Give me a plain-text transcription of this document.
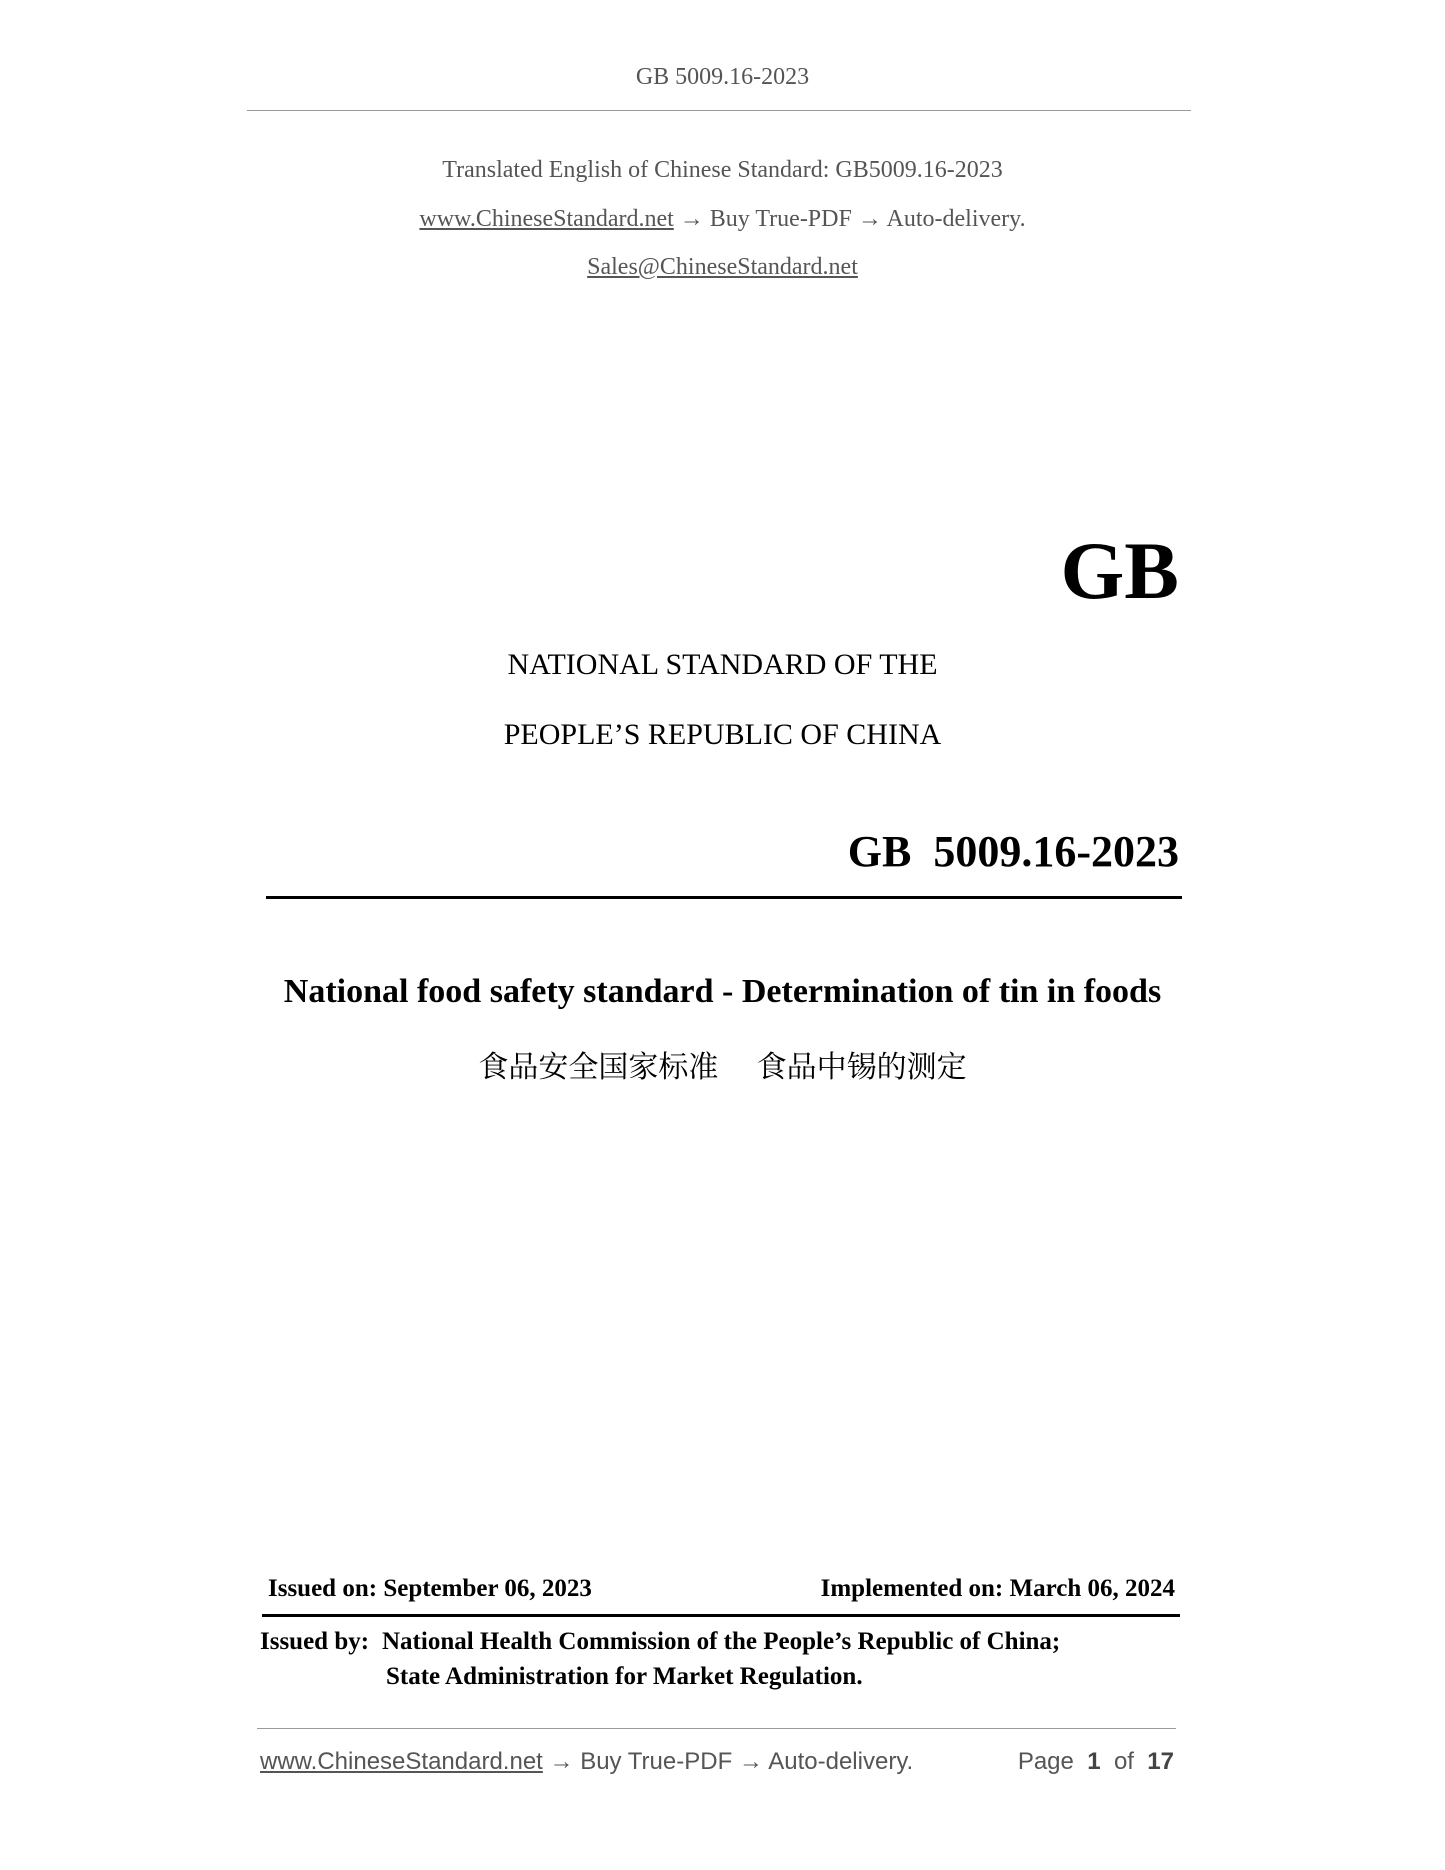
GB 5009.16-2023
Translated English of Chinese Standard: GB5009.16-2023
www.ChineseStandard.net → Buy True-PDF → Auto-delivery.
Sales@ChineseStandard.net
GB
NATIONAL STANDARD OF THE
PEOPLE’S REPUBLIC OF CHINA
GB  5009.16-2023
National food safety standard - Determination of tin in foods
食品安全国家标准    食品中锡的测定
Issued on: September 06, 2023	Implemented on: March 06, 2024
Issued by: National Health Commission of the People’s Republic of China;
State Administration for Market Regulation.
www.ChineseStandard.net → Buy True-PDF → Auto-delivery.	Page 1 of 17
